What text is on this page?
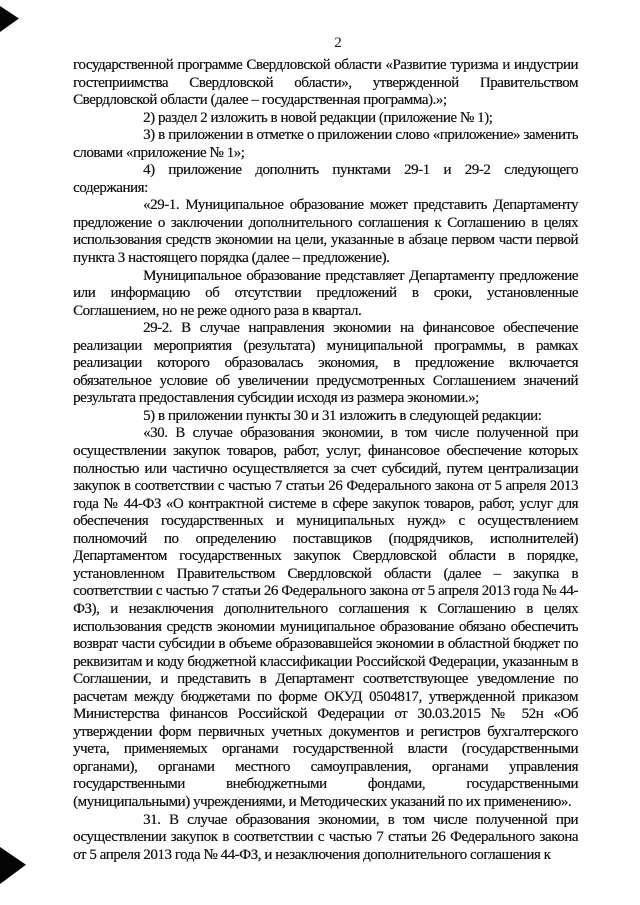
2

государственной программе Свердловской области «Развитие туризма и индустрии гостеприимства Свердловской области», утвержденной Правительством Свердловской области (далее – государственная программа).»;

2) раздел 2 изложить в новой редакции (приложение № 1);

3) в приложении в отметке о приложении слово «приложение» заменить словами «приложение № 1»;

4) приложение дополнить пунктами 29-1 и 29-2 следующего содержания:

«29-1. Муниципальное образование может представить Департаменту предложение о заключении дополнительного соглашения к Соглашению в целях использования средств экономии на цели, указанные в абзаце первом части первой пункта 3 настоящего порядка (далее – предложение).

Муниципальное образование представляет Департаменту предложение или информацию об отсутствии предложений в сроки, установленные Соглашением, но не реже одного раза в квартал.

29-2. В случае направления экономии на финансовое обеспечение реализации мероприятия (результата) муниципальной программы, в рамках реализации которого образовалась экономия, в предложение включается обязательное условие об увеличении предусмотренных Соглашением значений результата предоставления субсидии исходя из размера экономии.»;

5) в приложении пункты 30 и 31 изложить в следующей редакции:

«30. В случае образования экономии, в том числе полученной при осуществлении закупок товаров, работ, услуг, финансовое обеспечение которых полностью или частично осуществляется за счет субсидий, путем централизации закупок в соответствии с частью 7 статьи 26 Федерального закона от 5 апреля 2013 года № 44-ФЗ «О контрактной системе в сфере закупок товаров, работ, услуг для обеспечения государственных и муниципальных нужд» с осуществлением полномочий по определению поставщиков (подрядчиков, исполнителей) Департаментом государственных закупок Свердловской области в порядке, установленном Правительством Свердловской области (далее – закупка в соответствии с частью 7 статьи 26 Федерального закона от 5 апреля 2013 года № 44-ФЗ), и незаключения дополнительного соглашения к Соглашению в целях использования средств экономии муниципальное образование обязано обеспечить возврат части субсидии в объеме образовавшейся экономии в областной бюджет по реквизитам и коду бюджетной классификации Российской Федерации, указанным в Соглашении, и представить в Департамент соответствующее уведомление по расчетам между бюджетами по форме ОКУД 0504817, утвержденной приказом Министерства финансов Российской Федерации от 30.03.2015 № 52н «Об утверждении форм первичных учетных документов и регистров бухгалтерского учета, применяемых органами государственной власти (государственными органами), органами местного самоуправления, органами управления государственными внебюджетными фондами, государственными (муниципальными) учреждениями, и Методических указаний по их применению».

31. В случае образования экономии, в том числе полученной при осуществлении закупок в соответствии с частью 7 статьи 26 Федерального закона от 5 апреля 2013 года № 44-ФЗ, и незаключения дополнительного соглашения к
